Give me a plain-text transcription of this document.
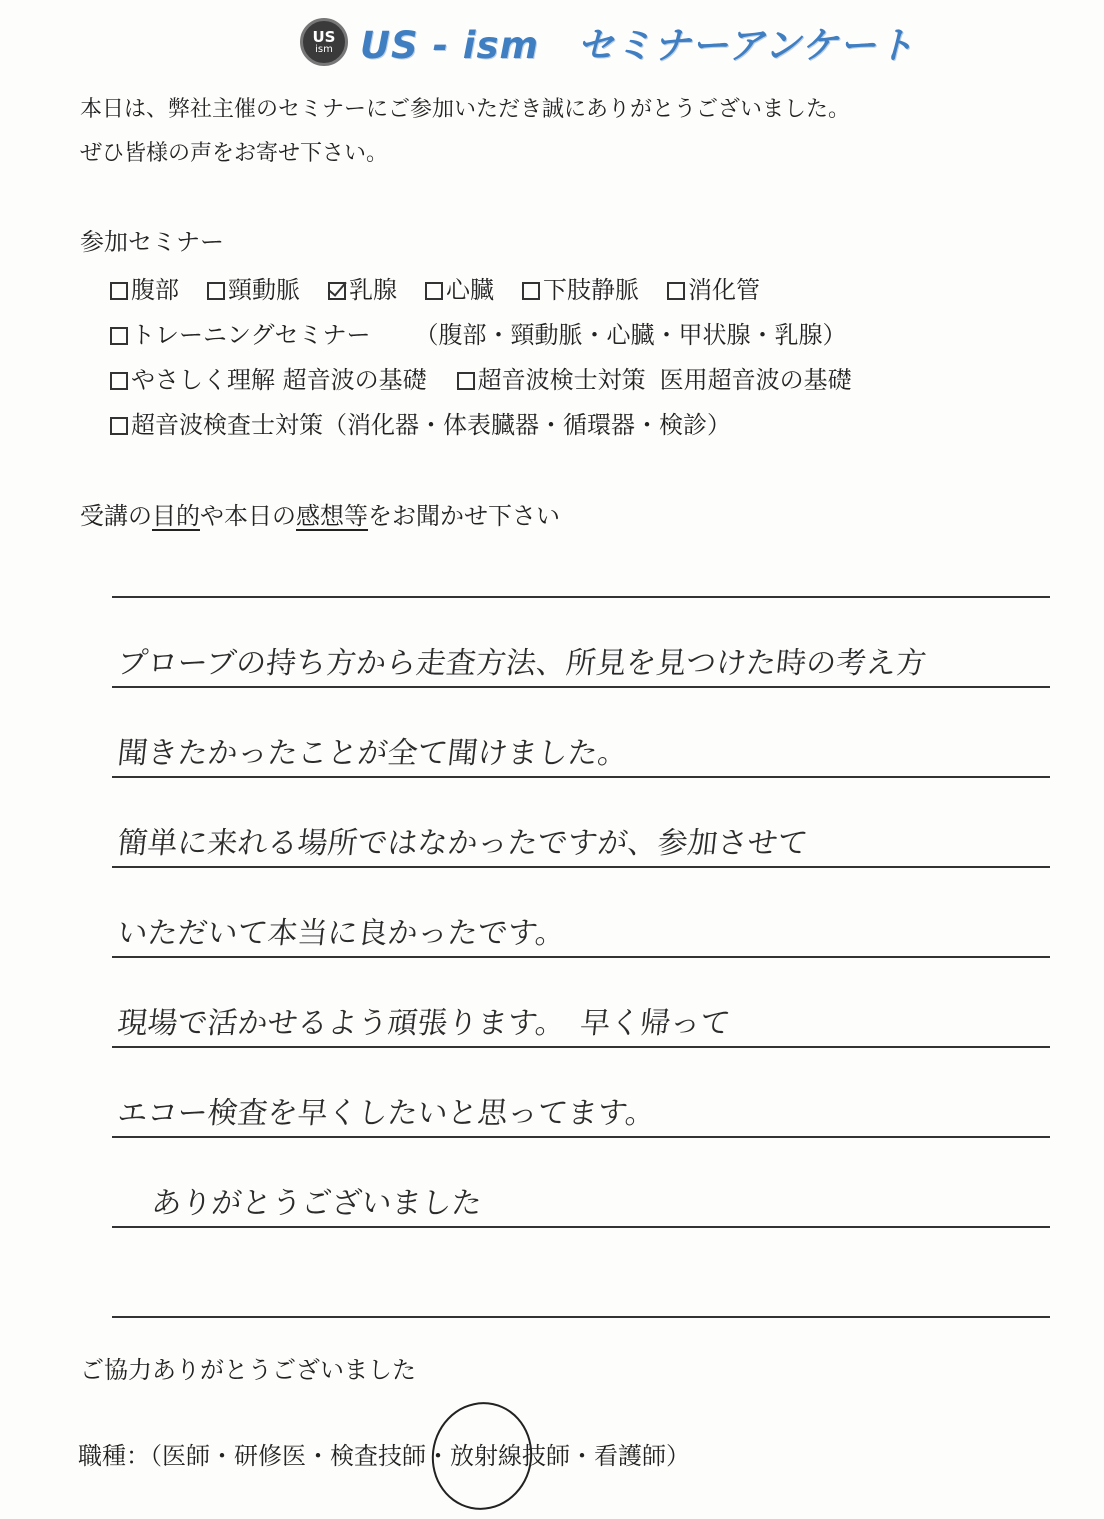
US
ism US - ism　セミナーアンケート
本日は、弊社主催のセミナーにご参加いただき誠にありがとうございました。
ぜひ皆様の声をお寄せ下さい。
参加セミナー
腹部 頸動脈 乳腺 心臓 下肢静脈 消化管
トレーニングセミナー （腹部・頸動脈・心臓・甲状腺・乳腺）
やさしく理解 超音波の基礎 超音波検士対策 医用超音波の基礎
超音波検査士対策 （消化器・体表臓器・循環器・検診）
受講の目的や本日の感想等をお聞かせ下さい
プローブの持ち方から走査方法、所見を見つけた時の考え方
聞きたかったことが全て聞けました。
簡単に来れる場所ではなかったですが、参加させて
いただいて本当に良かったです。
現場で活かせるよう頑張ります。　早く帰って
エコー検査を早くしたいと思ってます。
ありがとうございました
ご協力ありがとうございました
職種：（医師・研修医・検査技師・ 放射線技師 ・看護師）
